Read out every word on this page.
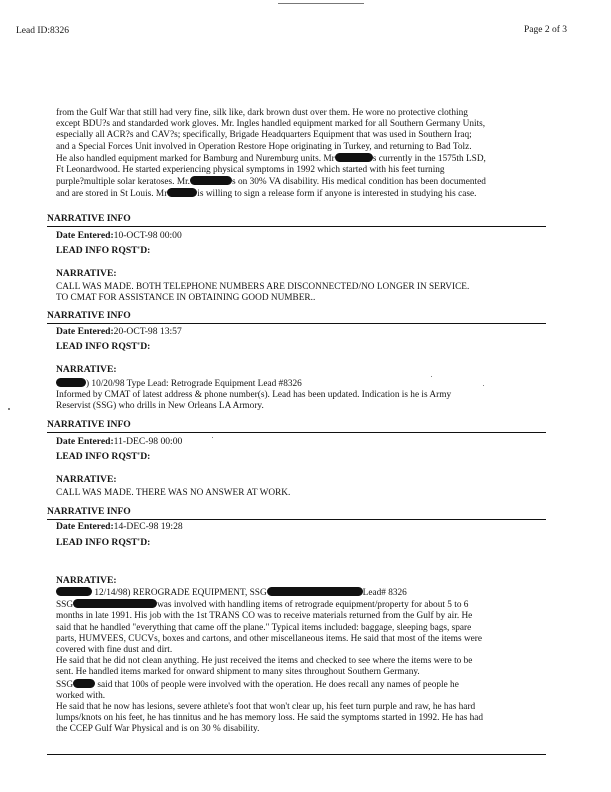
Lead ID:8326	Page 2 of 3
from the Gulf War that still had very fine, silk like, dark brown dust over them. He wore no protective clothing
except BDU?s and standarded work gloves. Mr. Ingles handled equipment marked for all Southern Germany Units,
especially all ACR?s and CAV?s; specifically, Brigade Headquarters Equipment that was used in Southern Iraq;
and a Special Forces Unit involved in Operation Restore Hope originating in Turkey, and returning to Bad Tolz.
He also handled equipment marked for Bamburg and Nuremburg units. Mr	s currently in the 1575th LSD,
Ft Leonardwood. He started experiencing physical symptoms in 1992 which started with his feet turning
purple?multiple solar keratoses. Mr.	s on 30% VA disability. His medical condition has been documented
and are stored in St Louis. Mr	is willing to sign a release form if anyone is interested in studying his case.
NARRATIVE INFO
Date Entered:10-OCT-98 00:00
LEAD INFO RQST'D:
NARRATIVE:
CALL WAS MADE. BOTH TELEPHONE NUMBERS ARE DISCONNECTED/NO LONGER IN SERVICE.
TO CMAT FOR ASSISTANCE IN OBTAINING GOOD NUMBER..
NARRATIVE INFO
Date Entered:20-OCT-98 13:57
LEAD INFO RQST'D:
NARRATIVE:
) 10/20/98 Type Lead: Retrograde Equipment Lead #8326
Informed by CMAT of latest address & phone number(s). Lead has been updated. Indication is he is Army
Reservist (SSG) who drills in New Orleans LA Armory.
NARRATIVE INFO
Date Entered:11-DEC-98 00:00
LEAD INFO RQST'D:
NARRATIVE:
CALL WAS MADE. THERE WAS NO ANSWER AT WORK.
NARRATIVE INFO
Date Entered:14-DEC-98 19:28
LEAD INFO RQST'D:
NARRATIVE:
12/14/98) REROGRADE EQUIPMENT, SSG	Lead# 8326
SSG	was involved with handling items of retrograde equipment/property for about 5 to 6
months in late 1991. His job with the 1st TRANS CO was to receive materials returned from the Gulf by air. He
said that he handled "everything that came off the plane." Typical items included: baggage, sleeping bags, spare
parts, HUMVEES, CUCVs, boxes and cartons, and other miscellaneous items. He said that most of the items were
covered with fine dust and dirt.
He said that he did not clean anything. He just received the items and checked to see where the items were to be
sent. He handled items marked for onward shipment to many sites throughout Southern Germany.
SSG said that 100s of people were involved with the operation. He does recall any names of people he
worked with.
He said that he now has lesions, severe athlete's foot that won't clear up, his feet turn purple and raw, he has hard
lumps/knots on his feet, he has tinnitus and he has memory loss. He said the symptoms started in 1992. He has had
the CCEP Gulf War Physical and is on 30 % disability.
